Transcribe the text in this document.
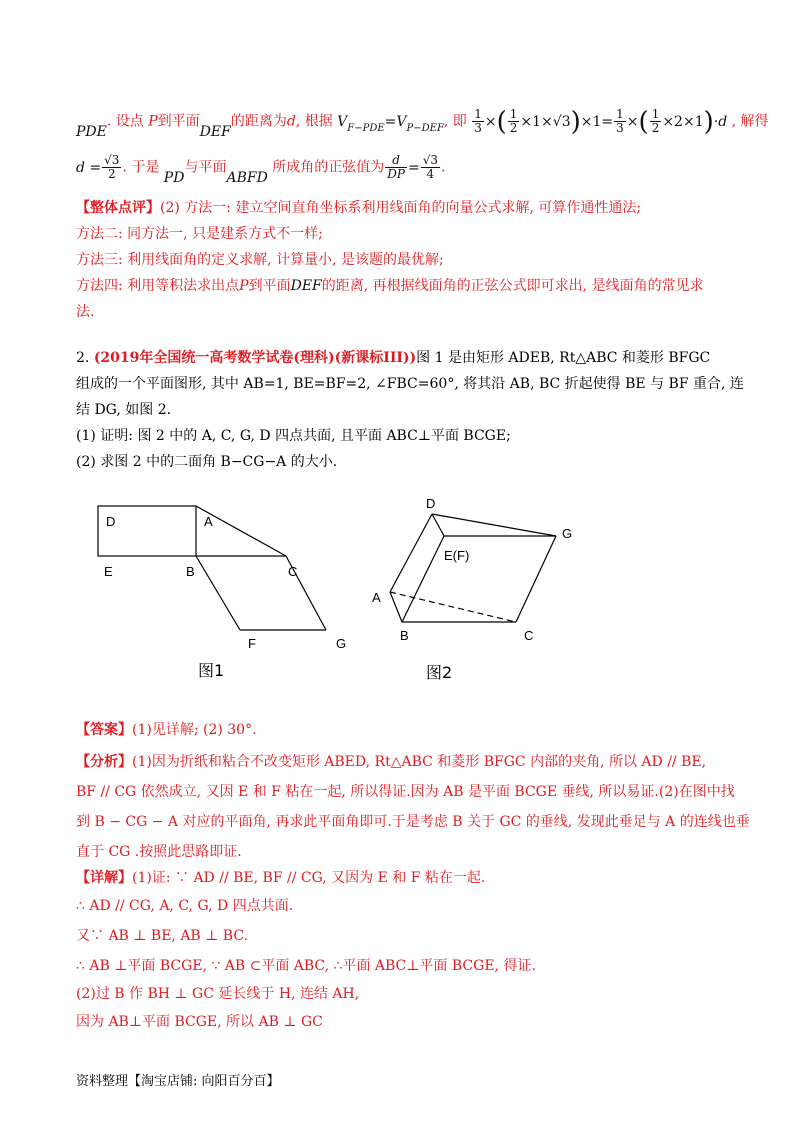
PDE. 设点 P到平面DEF的距离为d, 根据 $V_{F-PDE}=V_{P-DEF}$, 即 $\frac{1}{3}$ ×( $\frac{1}{2} \times 1\times√3)\times 1= \frac{1}{3}$ ×( $\frac{1}{2} \times 2\times 1)\cdot d$ , 解得
$d = \frac{√3}{2}$ . 于是 PD与平面ABFD 所成角的正弦值为 $\frac{d}{DP} = \frac{√3}{4}$ .
【整体点评】(2) 方法一: 建立空间直角坐标系利用线面角的向量公式求解, 可算作通性通法;
方法二: 同方法一, 只是建系方式不一样;
方法三: 利用线面角的定义求解, 计算量小, 是该题的最优解;
方法四: 利用等积法求出点P到平面DEF的距离, 再根据线面角的正弦公式即可求出, 是线面角的常见求
法.
2. (2019年全国统一高考数学试卷(理科)(新课标III))图 1 是由矩形 ADEB, Rt△ABC 和菱形 BFGC
组成的一个平面图形, 其中 AB=1, BE=BF=2, ∠FBC=60°, 将其沿 AB, BC 折起使得 BE 与 BF 重合, 连
结 DG, 如图 2.
(1) 证明: 图 2 中的 A, C, G, D 四点共面, 且平面 ABC⊥平面 BCGE;
(2) 求图 2 中的二面角 B−CG−A 的大小.
D	A
E	B	C
F	G
图1
D
G
E(F)
A
B	C
图2
【答案】(1)见详解; (2) 30°.
【分析】(1)因为折纸和粘合不改变矩形 ABED, Rt△ABC 和菱形 BFGC 内部的夹角, 所以 AD // BE,
BF // CG 依然成立, 又因 E 和 F 粘在一起, 所以得证.因为 AB 是平面 BCGE 垂线, 所以易证.(2)在图中找
到 B − CG − A 对应的平面角, 再求此平面角即可.于是考虑 B 关于 GC 的垂线, 发现此垂足与 A 的连线也垂
直于 CG .按照此思路即证.
【详解】(1)证: ∵ AD // BE, BF // CG, 又因为 E 和 F 粘在一起.
∴ AD // CG, A, C, G, D 四点共面.
又∵ AB ⊥ BE, AB ⊥ BC.
∴ AB ⊥平面 BCGE, ∵ AB ⊂平面 ABC, ∴平面 ABC⊥平面 BCGE, 得证.
(2)过 B 作 BH ⊥ GC 延长线于 H, 连结 AH,
因为 AB⊥平面 BCGE, 所以 AB ⊥ GC
资料整理【淘宝店铺: 向阳百分百】
